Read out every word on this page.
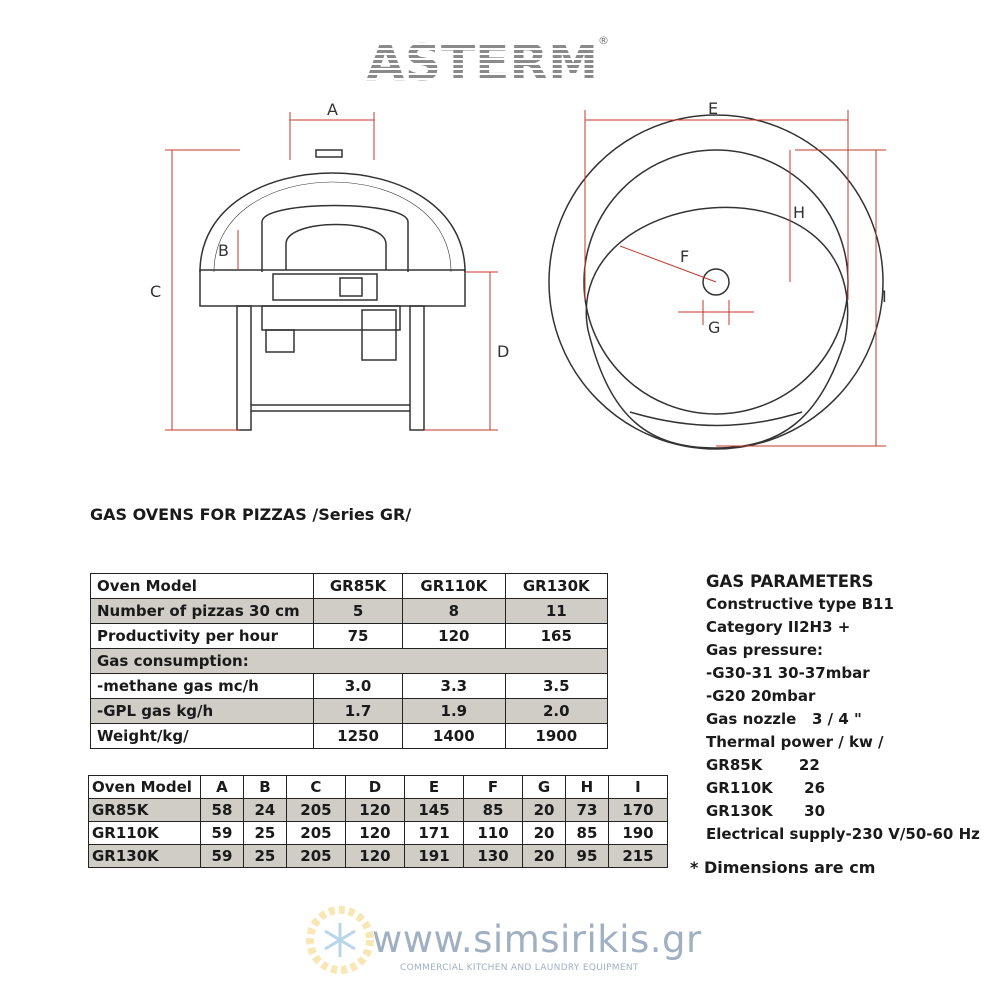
ASTERM ®
A
B
C
D
E
F
G
H
I
GAS OVENS FOR PIZZAS /Series GR/
Oven Model	GR85K	GR110K	GR130K
Number of pizzas 30 cm	5	8	11
Productivity per hour	75	120	165
Gas consumption:			
-methane gas mc/h	3.0	3.3	3.5
-GPL gas kg/h	1.7	1.9	2.0
Weight/kg/	1250	1400	1900
Oven Model	A	B	C	D	E	F	G	H	I
GR85K	58	24	205	120	145	85	20	73	170
GR110K	59	25	205	120	171	110	20	85	190
GR130K	59	25	205	120	191	130	20	95	215
GAS PARAMETERS
Constructive type B11
Category II2H3 +
Gas pressure:
-G30-31 30-37mbar
-G20 20mbar
Gas nozzle   3 / 4 "
Thermal power / kw /
GR85K       22
GR110K      26
GR130K      30
Electrical supply-230 V/50-60 Hz
* Dimensions are cm
www.simsirikis.gr
COMMERCIAL KITCHEN AND LAUNDRY EQUIPMENT
